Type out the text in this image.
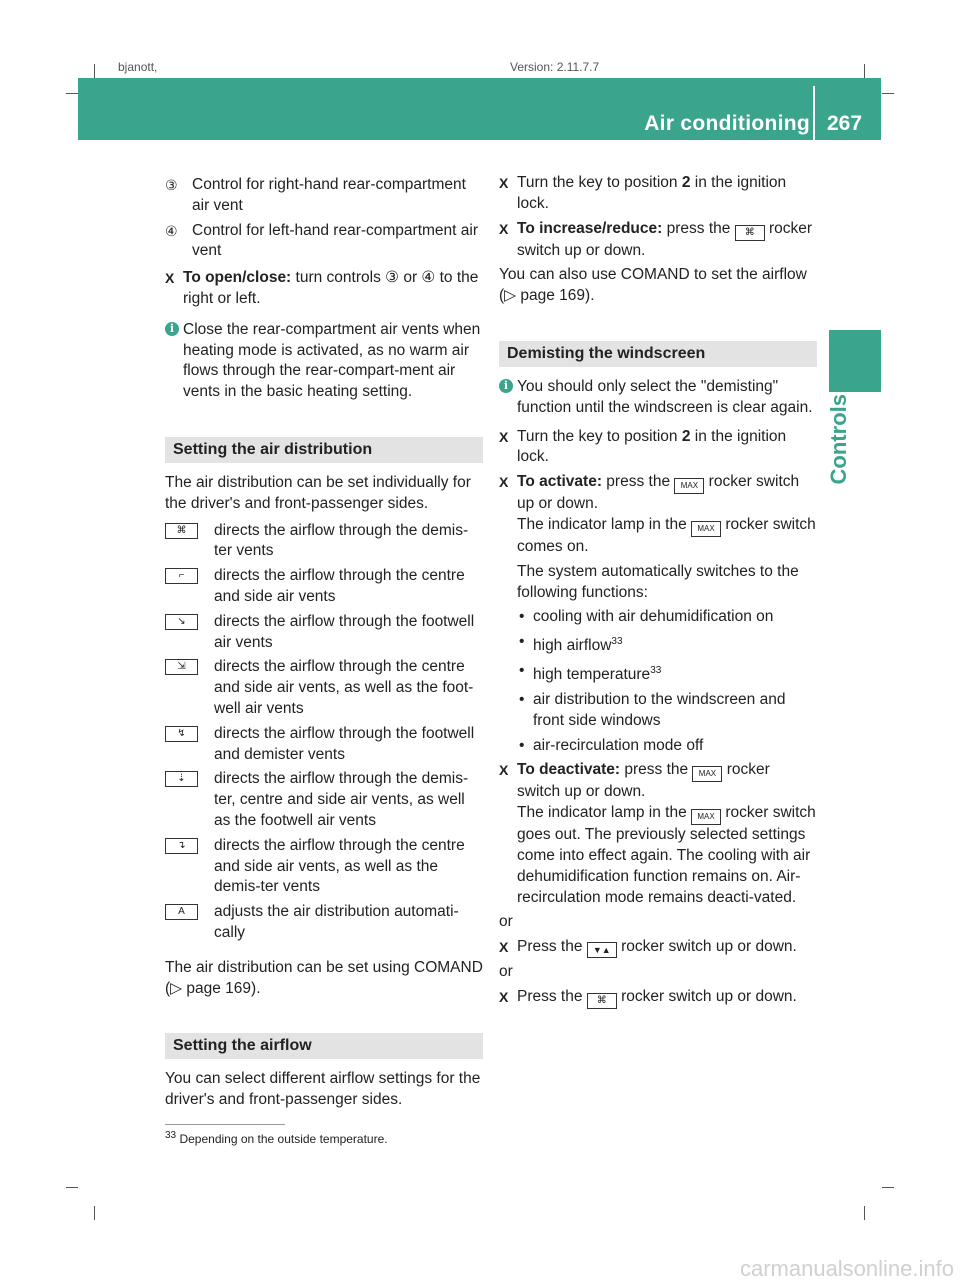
bjanott,	Version: 2.11.7.7
Air conditioning 267
Controls
③ Control for right-hand rear-compartment air vent

④ Control for left-hand rear-compartment air vent

X To open/close: turn controls ③ or ④ to the right or left.
i Close the rear-compartment air vents when heating mode is activated, as no warm air flows through the rear-compart-ment air vents in the basic heating setting.

Setting the air distribution

The air distribution can be set individually for the driver's and front-passenger sides.

⌘	directs the airflow through the demis-ter vents

⌐	directs the airflow through the centre and side air vents

↘	directs the airflow through the footwell air vents

⇲	directs the airflow through the centre and side air vents, as well as the foot-well air vents

↯	directs the airflow through the footwell and demister vents

⇣	directs the airflow through the demis-ter, centre and side air vents, as well as the footwell air vents

↴	directs the airflow through the centre and side air vents, as well as the demis-ter vents

A	adjusts the air distribution automati-cally

The air distribution can be set using COMAND (▷ page 169).

Setting the airflow

You can select different airflow settings for the driver's and front-passenger sides.

X Turn the key to position 2 in the ignition lock.
X To increase/reduce: press the ⌘ rocker switch up or down.

You can also use COMAND to set the airflow (▷ page 169).

Demisting the windscreen
i You should only select the "demisting" function until the windscreen is clear again.

X Turn the key to position 2 in the ignition lock.
X To activate: press the MAX rocker switch up or down.

The indicator lamp in the MAX rocker switch comes on.

The system automatically switches to the following functions:

• cooling with air dehumidification on
• high airflow$^{33}$
• high temperature$^{33}$
• air distribution to the windscreen and front side windows
• air-recirculation mode off
X To deactivate: press the MAX rocker switch up or down.

The indicator lamp in the MAX rocker switch goes out. The previously selected settings come into effect again. The cooling with air dehumidification function remains on. Air-recirculation mode remains deacti-vated.

or

X Press the ▼▲ rocker switch up or down.

or

X Press the ⌘ rocker switch up or down.
$^{33}$ Depending on the outside temperature.
carmanualsonline.info
